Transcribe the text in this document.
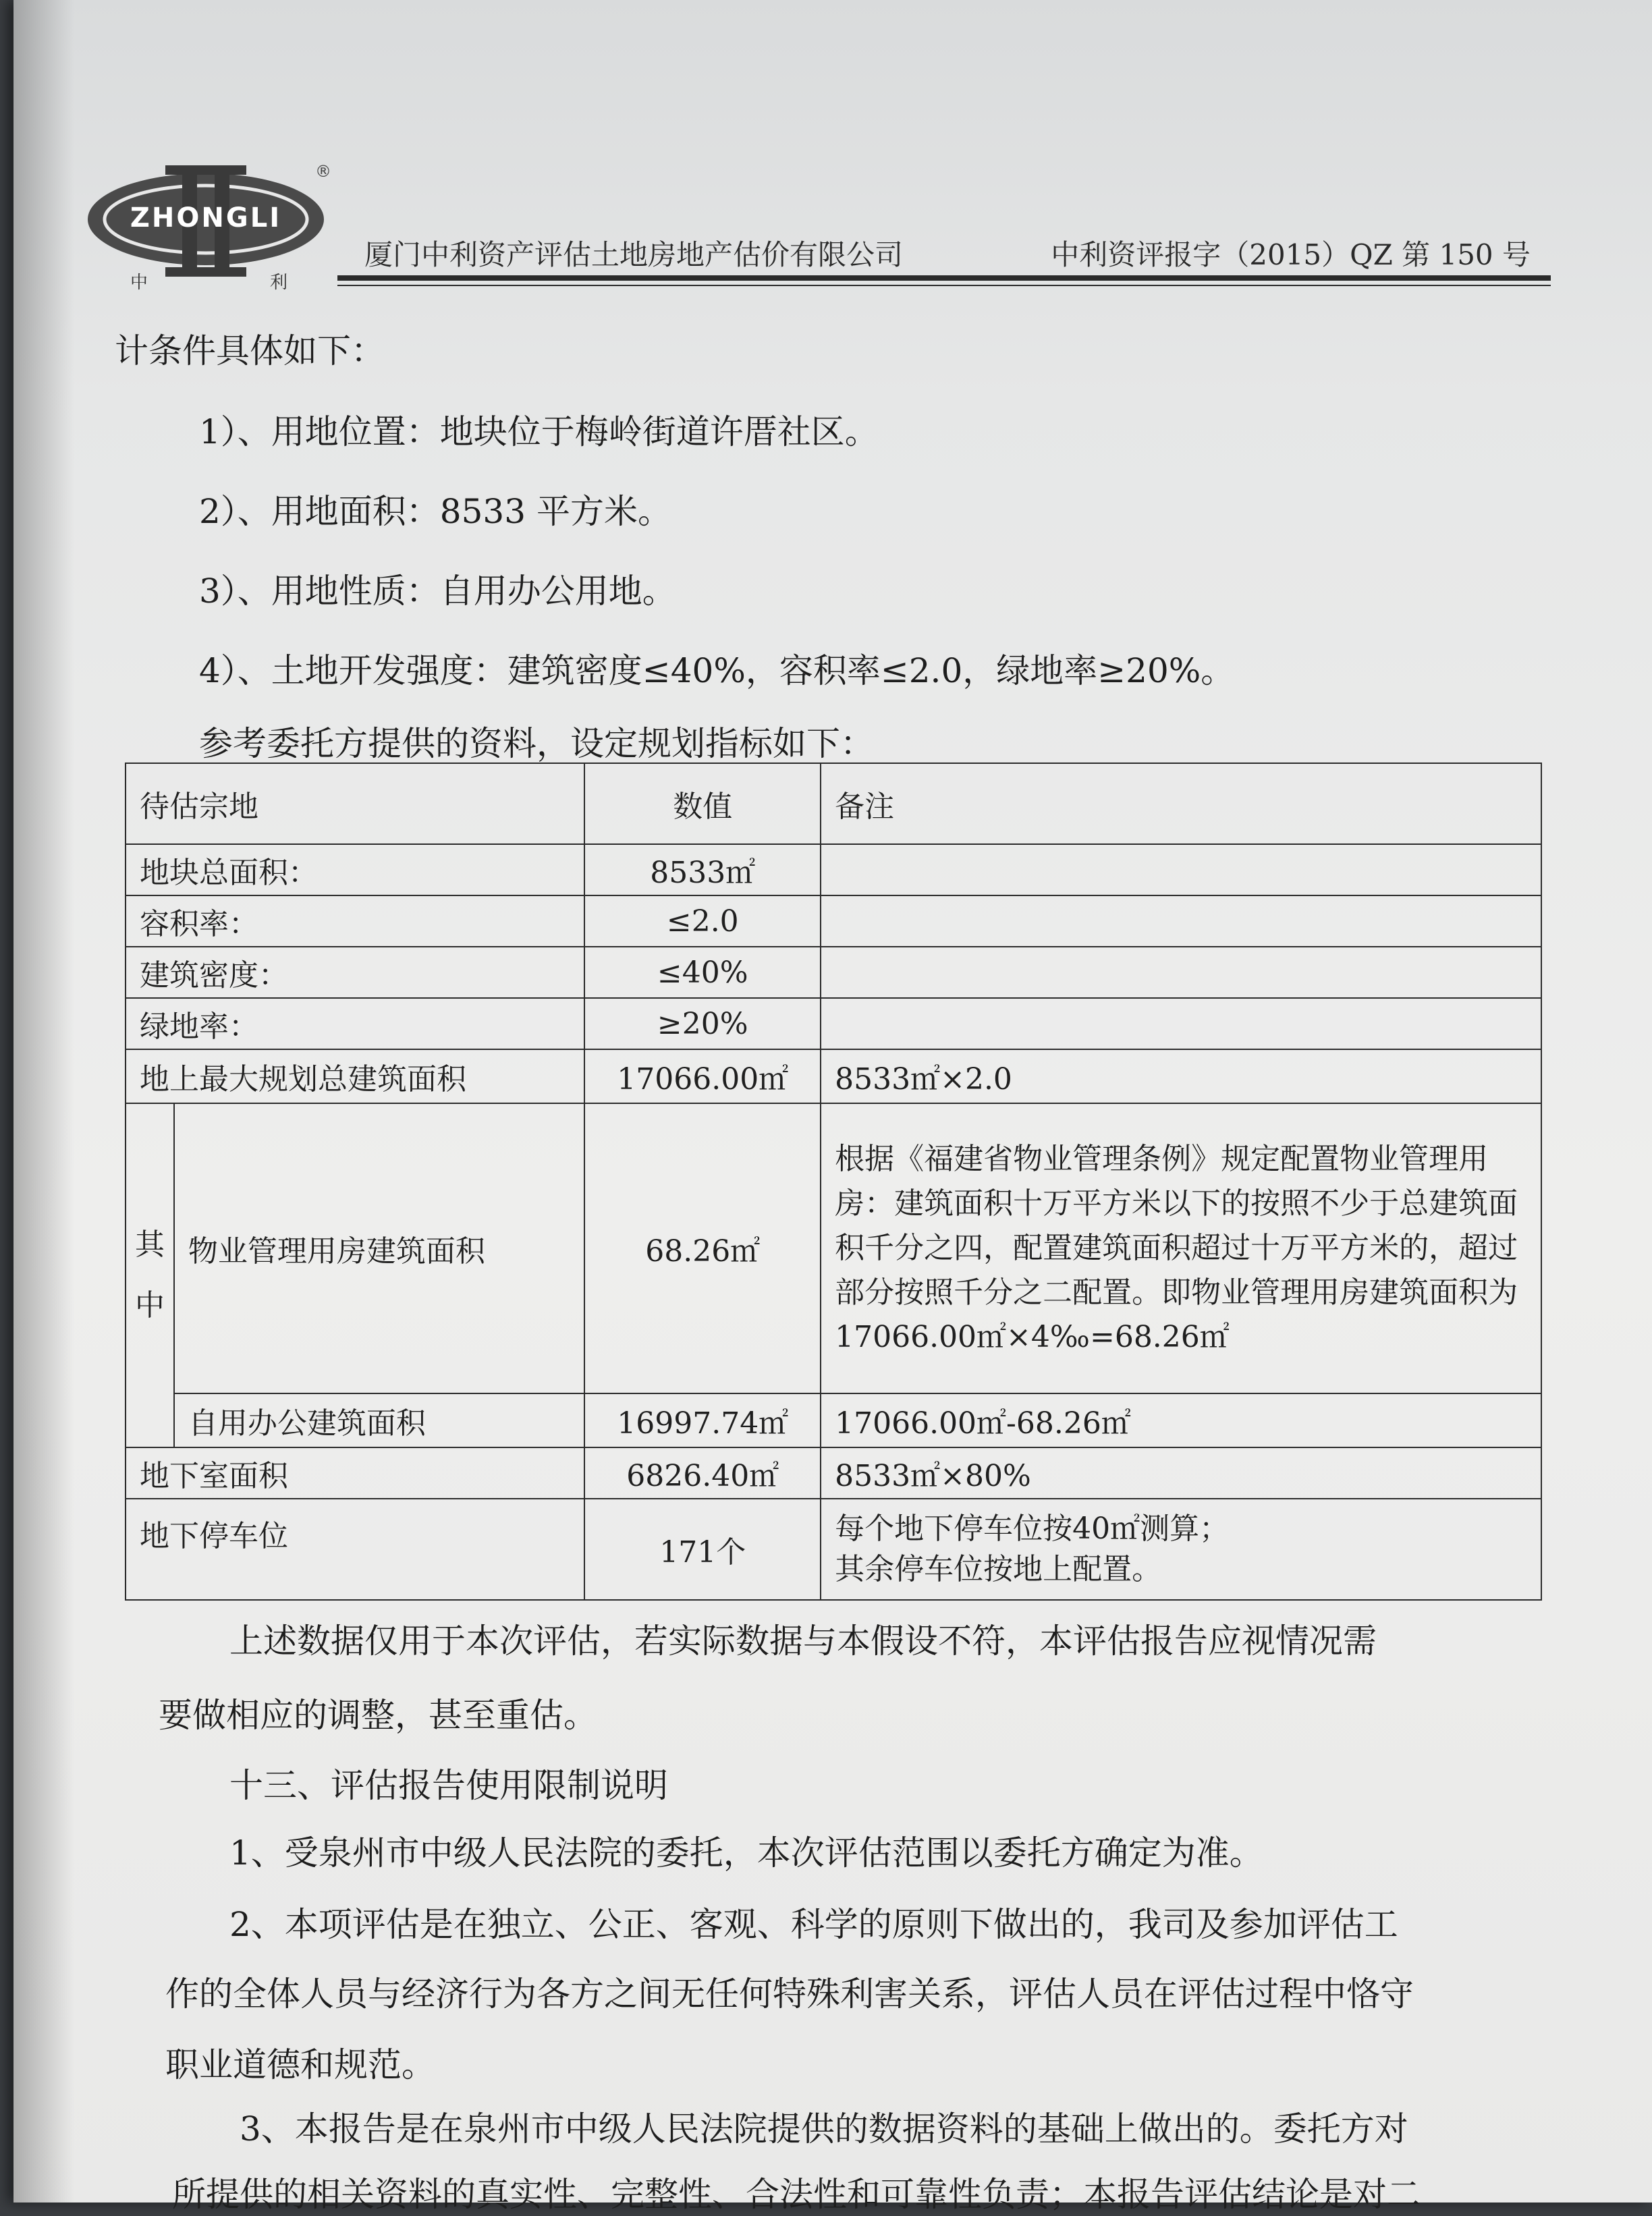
ZHONGLI
中	利
®
厦门中利资产评估土地房地产估价有限公司	中利资评报字（2015）QZ 第 150 号
计条件具体如下：
1）、用地位置：地块位于梅岭街道许厝社区。
2）、用地面积：8533 平方米。
3）、用地性质：自用办公用地。
4）、土地开发强度：建筑密度≤40%，容积率≤2.0，绿地率≥20%。
参考委托方提供的资料，设定规划指标如下：
待估宗地		数值	备注
地块总面积：		8533㎡	
容积率：		≤2.0	
建筑密度：		≤40%	
绿地率：		≥20%	
地上最大规划总建筑面积		17066.00㎡	8533㎡×2.0
其中	物业管理用房建筑面积	68.26㎡	根据《福建省物业管理条例》规定配置物业管理用房：建筑面积十万平方米以下的按照不少于总建筑面积千分之四，配置建筑面积超过十万平方米的，超过部分按照千分之二配置。即物业管理用房建筑面积为17066.00㎡×4‰=68.26㎡
	自用办公建筑面积	16997.74㎡	17066.00㎡-68.26㎡
地下室面积		6826.40㎡	8533㎡×80%
地下停车位		171个	每个地下停车位按40㎡测算；
其余停车位按地上配置。
上述数据仅用于本次评估，若实际数据与本假设不符，本评估报告应视情况需
要做相应的调整，甚至重估。
十三、评估报告使用限制说明
1、受泉州市中级人民法院的委托，本次评估范围以委托方确定为准。
2、本项评估是在独立、公正、客观、科学的原则下做出的，我司及参加评估工
作的全体人员与经济行为各方之间无任何特殊利害关系，评估人员在评估过程中恪守
职业道德和规范。
3、本报告是在泉州市中级人民法院提供的数据资料的基础上做出的。委托方对
所提供的相关资料的真实性、完整性、合法性和可靠性负责；本报告评估结论是对二
